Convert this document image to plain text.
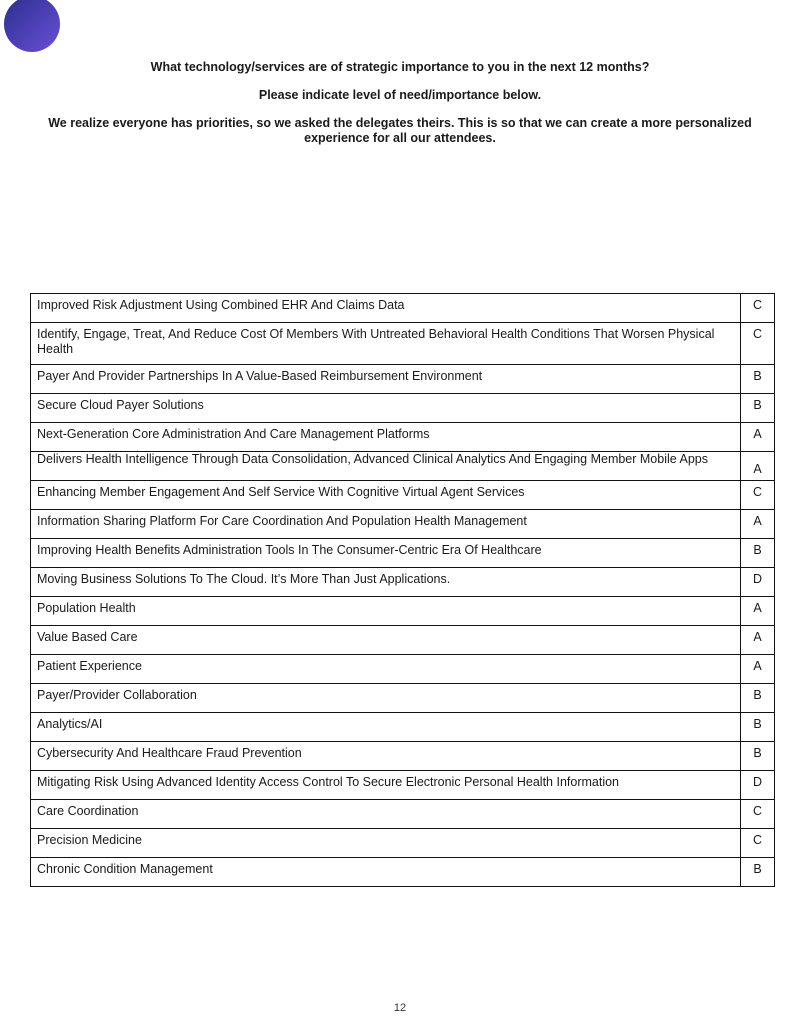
What technology/services are of strategic importance to you in the next 12 months?

Please indicate level of need/importance below.

We realize everyone has priorities, so we asked the delegates theirs. This is so that we can create a more personalized experience for all our attendees.

Improved Risk Adjustment Using Combined EHR And Claims Data	C
Identify, Engage, Treat, And Reduce Cost Of Members With Untreated Behavioral Health Conditions That Worsen Physical Health	C
Payer And Provider Partnerships In A Value-Based Reimbursement Environment	B
Secure Cloud Payer Solutions	B
Next-Generation Core Administration And Care Management Platforms	A
Delivers Health Intelligence Through Data Consolidation, Advanced Clinical Analytics And Engaging Member Mobile Apps	A
Enhancing Member Engagement And Self Service With Cognitive Virtual Agent Services	C
Information Sharing Platform For Care Coordination And Population Health Management	A
Improving Health Benefits Administration Tools In The Consumer-Centric Era Of Healthcare	B
Moving Business Solutions To The Cloud. It’s More Than Just Applications.	D
Population Health	A
Value Based Care	A
Patient Experience	A
Payer/Provider Collaboration	B
Analytics/AI	B
Cybersecurity And Healthcare Fraud Prevention	B
Mitigating Risk Using Advanced Identity Access Control To Secure Electronic Personal Health Information	D
Care Coordination	C
Precision Medicine	C
Chronic Condition Management	B
12
